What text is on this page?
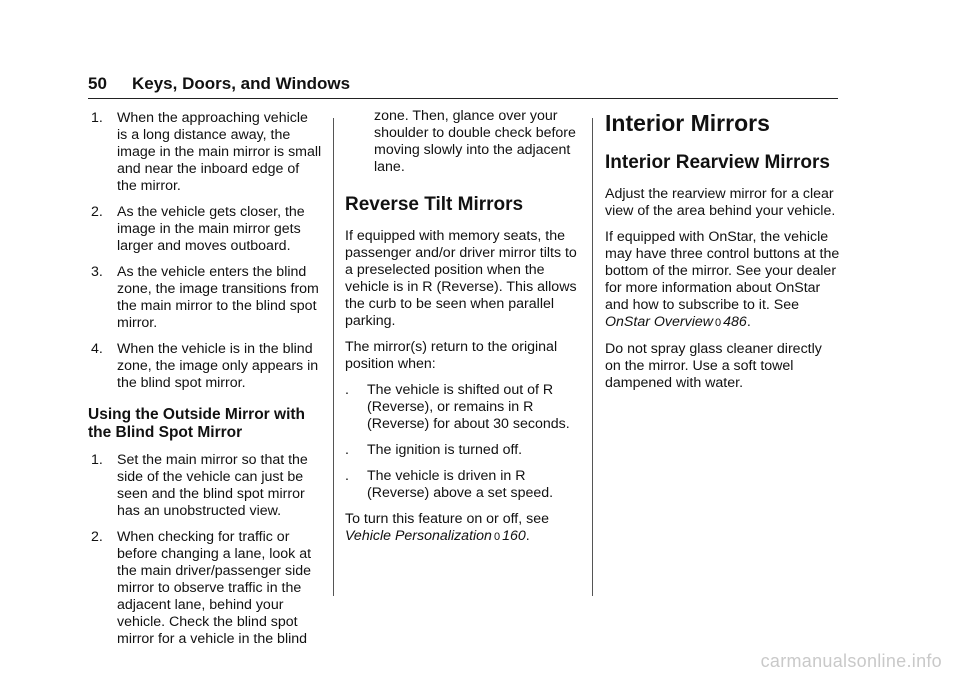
50 Keys, Doors, and Windows
1. When the approaching vehicle is a long distance away, the image in the main mirror is small and near the inboard edge of the mirror.
2. As the vehicle gets closer, the image in the main mirror gets larger and moves outboard.
3. As the vehicle enters the blind zone, the image transitions from the main mirror to the blind spot mirror.
4. When the vehicle is in the blind zone, the image only appears in the blind spot mirror.
Using the Outside Mirror with the Blind Spot Mirror
1. Set the main mirror so that the side of the vehicle can just be seen and the blind spot mirror has an unobstructed view.
2. When checking for traffic or before changing a lane, look at the main driver/passenger side mirror to observe traffic in the adjacent lane, behind your vehicle. Check the blind spot mirror for a vehicle in the blind

zone. Then, glance over your shoulder to double check before moving slowly into the adjacent lane.

Reverse Tilt Mirrors

If equipped with memory seats, the passenger and/or driver mirror tilts to a preselected position when the vehicle is in R (Reverse). This allows the curb to be seen when parallel parking.

The mirror(s) return to the original position when:

.	The vehicle is shifted out of R (Reverse), or remains in R (Reverse) for about 30 seconds.
.	The ignition is turned off.
.	The vehicle is driven in R (Reverse) above a set speed.

To turn this feature on or off, see Vehicle Personalization 0 160.

Interior Mirrors
Interior Rearview Mirrors

Adjust the rearview mirror for a clear view of the area behind your vehicle.

If equipped with OnStar, the vehicle may have three control buttons at the bottom of the mirror. See your dealer for more information about OnStar and how to subscribe to it. See OnStar Overview 0 486.

Do not spray glass cleaner directly on the mirror. Use a soft towel dampened with water.

carmanualsonline.info
